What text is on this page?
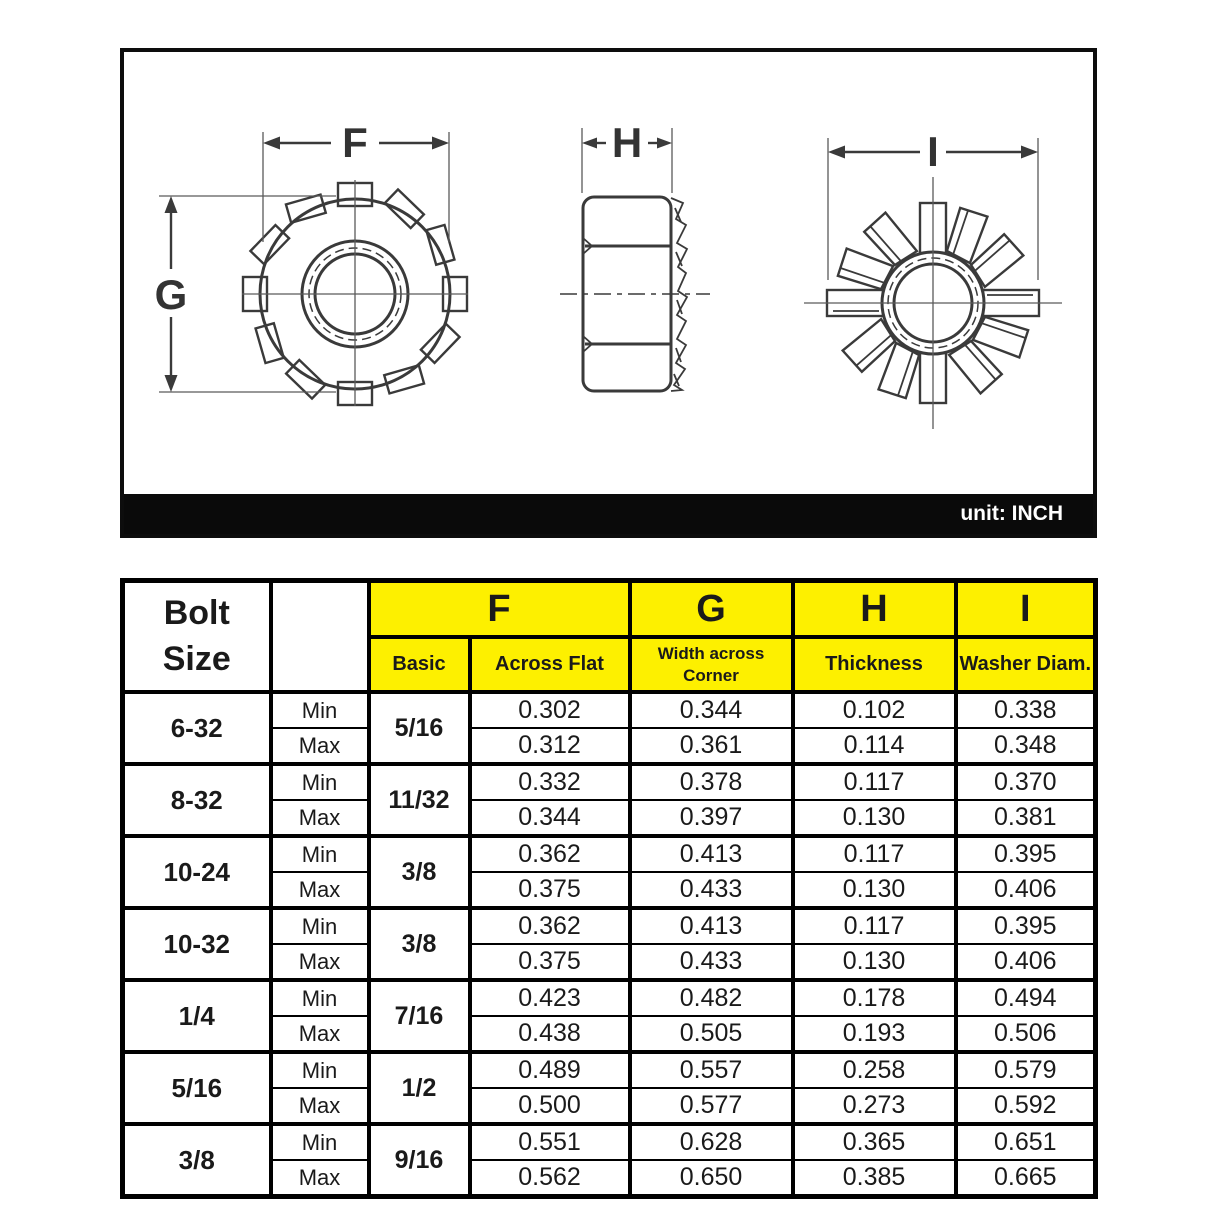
F
G
H	I
unit: INCH
Bolt
Size		F		G	H	I
		Basic	Across Flat	Width across Corner	Thickness	Washer Diam.
6-32	Min	5/16	0.302	0.344	0.102	0.338
	Max		0.312	0.361	0.114	0.348
8-32	Min	11/32	0.332	0.378	0.117	0.370
	Max		0.344	0.397	0.130	0.381
10-24	Min	3/8	0.362	0.413	0.117	0.395
	Max		0.375	0.433	0.130	0.406
10-32	Min	3/8	0.362	0.413	0.117	0.395
	Max		0.375	0.433	0.130	0.406
1/4	Min	7/16	0.423	0.482	0.178	0.494
	Max		0.438	0.505	0.193	0.506
5/16	Min	1/2	0.489	0.557	0.258	0.579
	Max		0.500	0.577	0.273	0.592
3/8	Min	9/16	0.551	0.628	0.365	0.651
	Max		0.562	0.650	0.385	0.665
